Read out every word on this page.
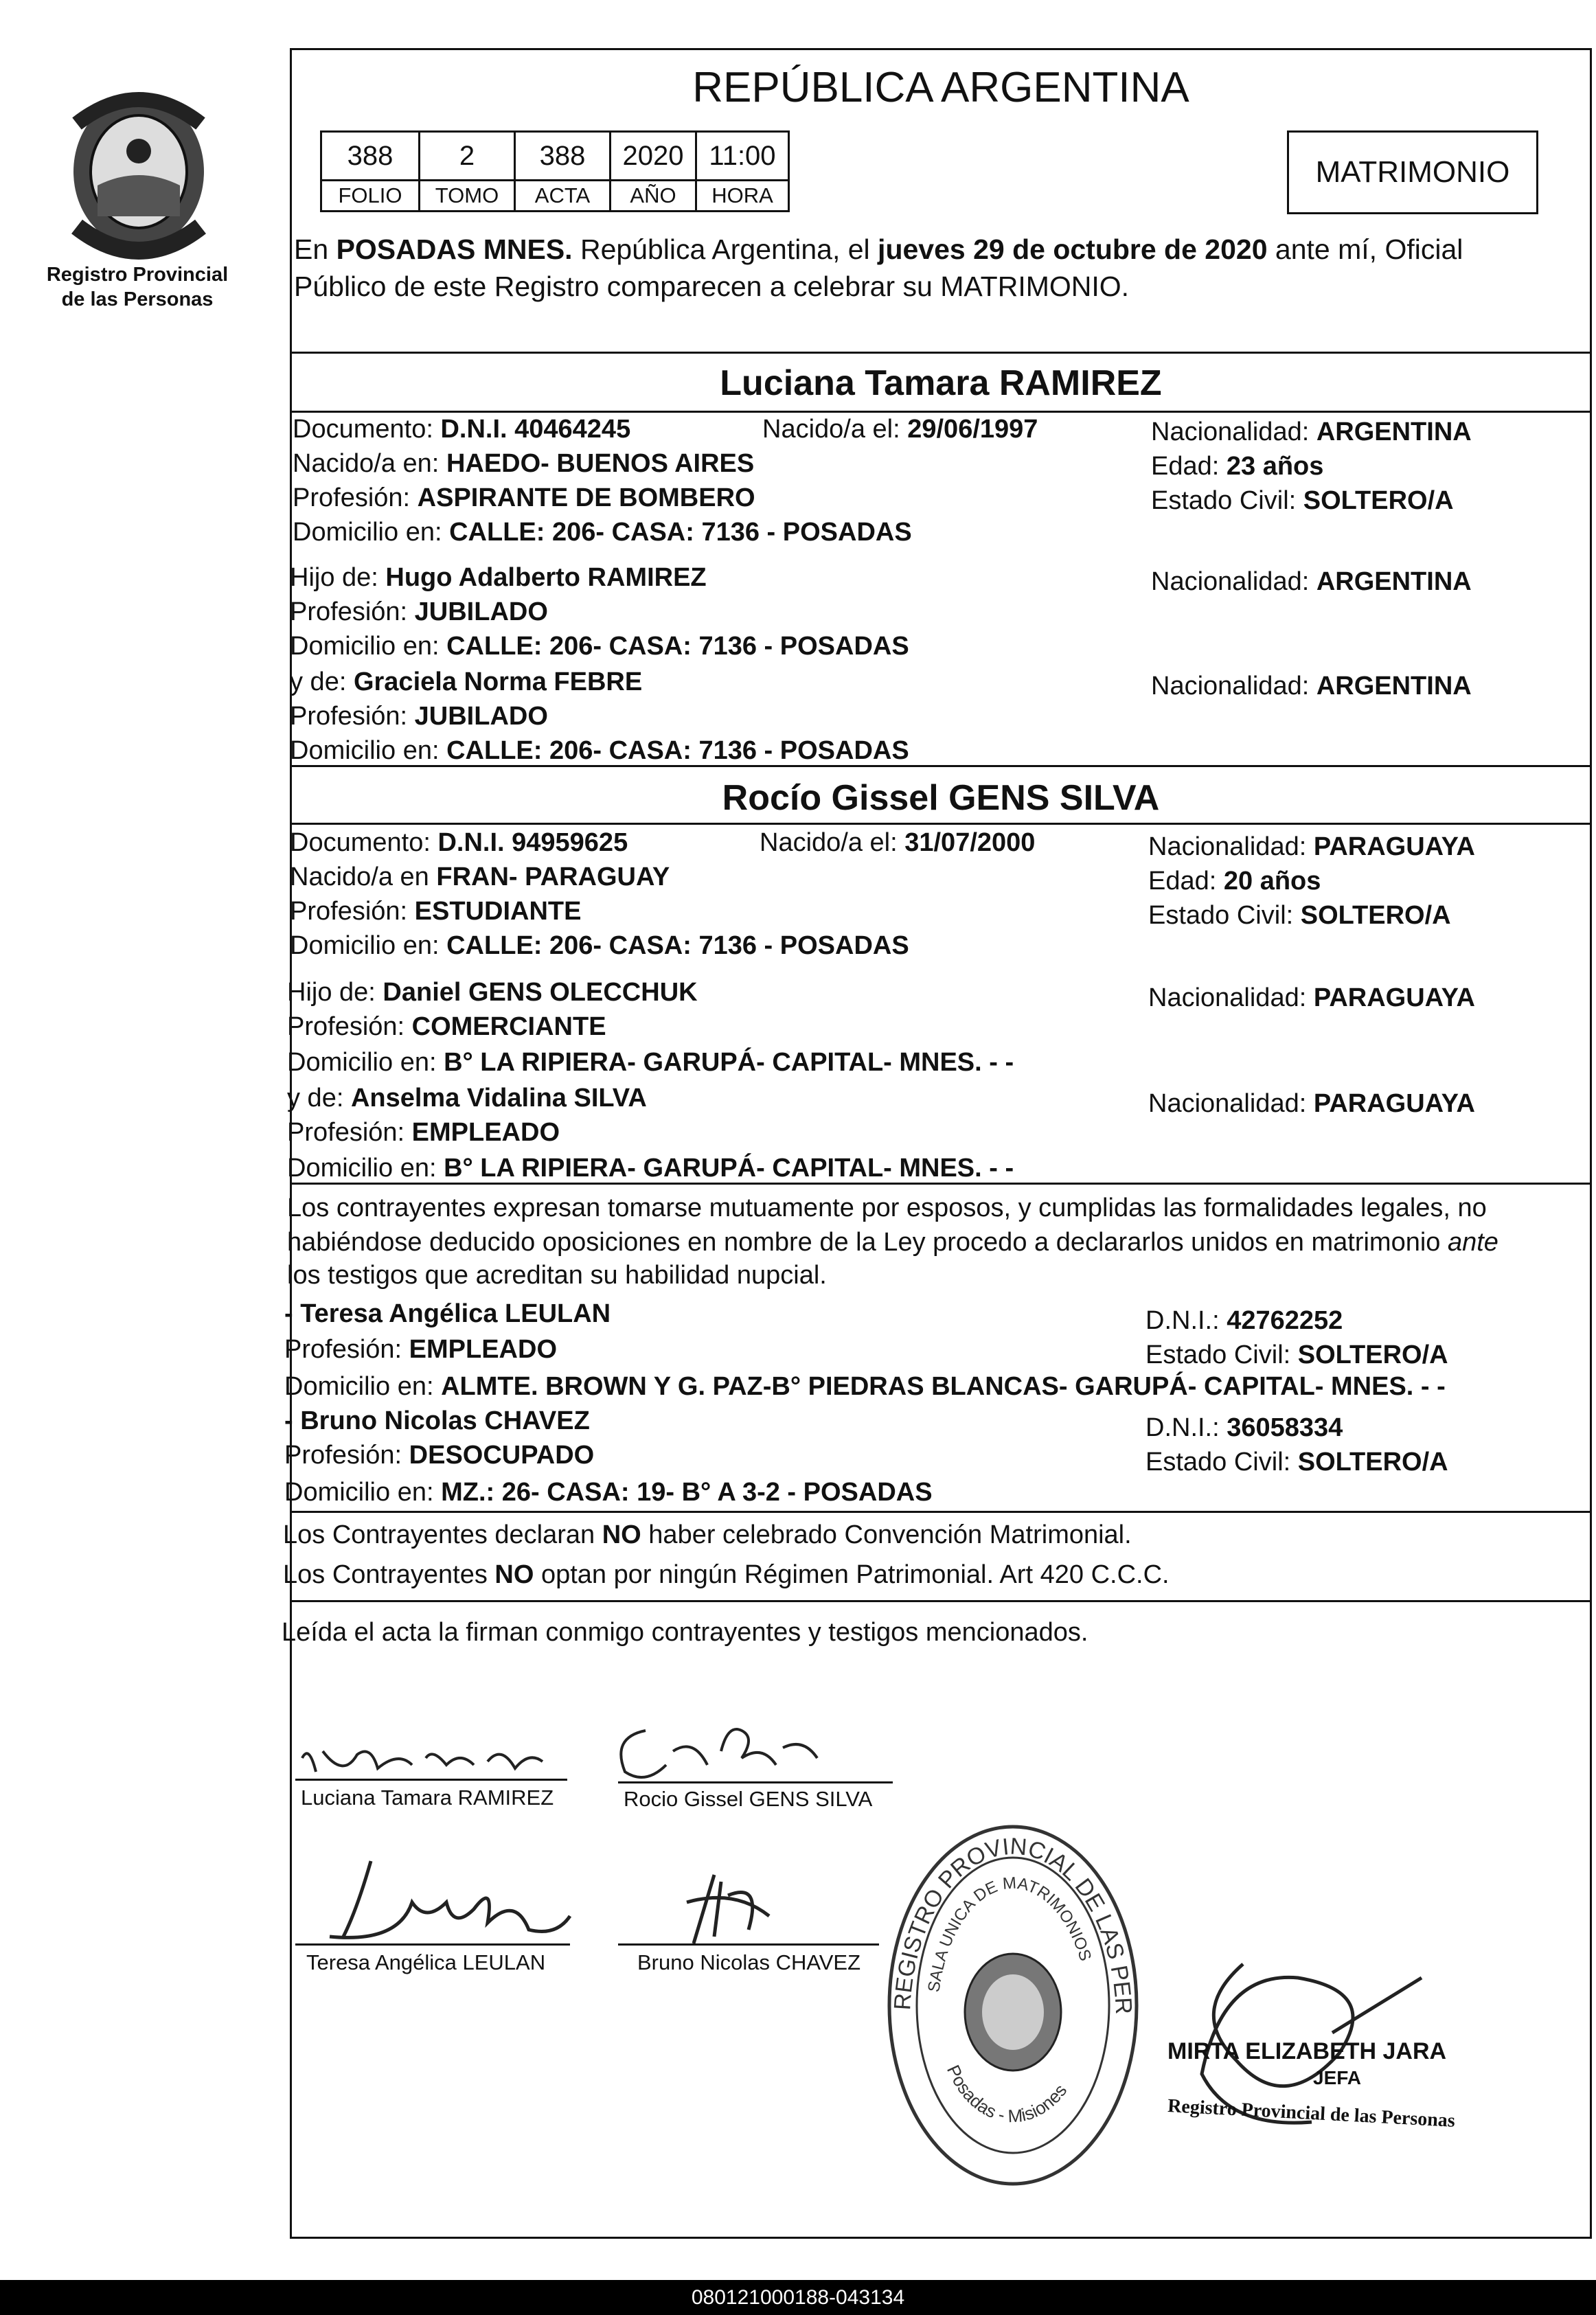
Registro Provincial
de las Personas
REPÚBLICA ARGENTINA
388	2	388	2020	11:00
FOLIO	TOMO	ACTA	AÑO	HORA
MATRIMONIO
En POSADAS MNES. República Argentina, el jueves 29 de octubre de 2020 ante mí, Oficial
Público de este Registro comparecen a celebrar su MATRIMONIO.
Luciana Tamara RAMIREZ
Documento: D.N.I. 40464245	Nacido/a el: 29/06/1997	Nacionalidad: ARGENTINA
Nacido/a en: HAEDO- BUENOS AIRES	Edad: 23 años
Profesión: ASPIRANTE DE BOMBERO	Estado Civil: SOLTERO/A
Domicilio en: CALLE: 206- CASA: 7136 - POSADAS
Hijo de: Hugo Adalberto RAMIREZ	Nacionalidad: ARGENTINA
Profesión: JUBILADO
Domicilio en: CALLE: 206- CASA: 7136 - POSADAS
y de: Graciela Norma FEBRE	Nacionalidad: ARGENTINA
Profesión: JUBILADO
Domicilio en: CALLE: 206- CASA: 7136 - POSADAS
Rocío Gissel GENS SILVA
Documento: D.N.I. 94959625	Nacido/a el: 31/07/2000	Nacionalidad: PARAGUAYA
Nacido/a en FRAN- PARAGUAY	Edad: 20 años
Profesión: ESTUDIANTE	Estado Civil: SOLTERO/A
Domicilio en: CALLE: 206- CASA: 7136 - POSADAS
Hijo de: Daniel GENS OLECCHUK	Nacionalidad: PARAGUAYA
Profesión: COMERCIANTE
Domicilio en: B° LA RIPIERA- GARUPÁ- CAPITAL- MNES. - -
y de: Anselma Vidalina SILVA	Nacionalidad: PARAGUAYA
Profesión: EMPLEADO
Domicilio en: B° LA RIPIERA- GARUPÁ- CAPITAL- MNES. - -
Los contrayentes expresan tomarse mutuamente por esposos, y cumplidas las formalidades legales, no
habiéndose deducido oposiciones en nombre de la Ley procedo a declararlos unidos en matrimonio ante
los testigos que acreditan su habilidad nupcial.
- Teresa Angélica LEULAN	D.N.I.: 42762252
Profesión: EMPLEADO	Estado Civil: SOLTERO/A
Domicilio en: ALMTE. BROWN Y G. PAZ-B° PIEDRAS BLANCAS- GARUPÁ- CAPITAL- MNES. - -
- Bruno Nicolas CHAVEZ	D.N.I.: 36058334
Profesión: DESOCUPADO	Estado Civil: SOLTERO/A
Domicilio en: MZ.: 26- CASA: 19- B° A 3-2 - POSADAS
Los Contrayentes declaran NO haber celebrado Convención Matrimonial.
Los Contrayentes NO optan por ningún Régimen Patrimonial. Art 420 C.C.C.
Leída el acta la firman conmigo contrayentes y testigos mencionados.
Luciana Tamara RAMIREZ	Rocio Gissel GENS SILVA
Teresa Angélica LEULAN	Bruno Nicolas CHAVEZ
REGISTRO PROVINCIAL DE LAS PERSONAS
SALA UNICA DE MATRIMONIOS
Posadas - Misiones
MIRTA ELIZABETH JARA
JEFA
Registro Provincial de las Personas
080121000188-043134
